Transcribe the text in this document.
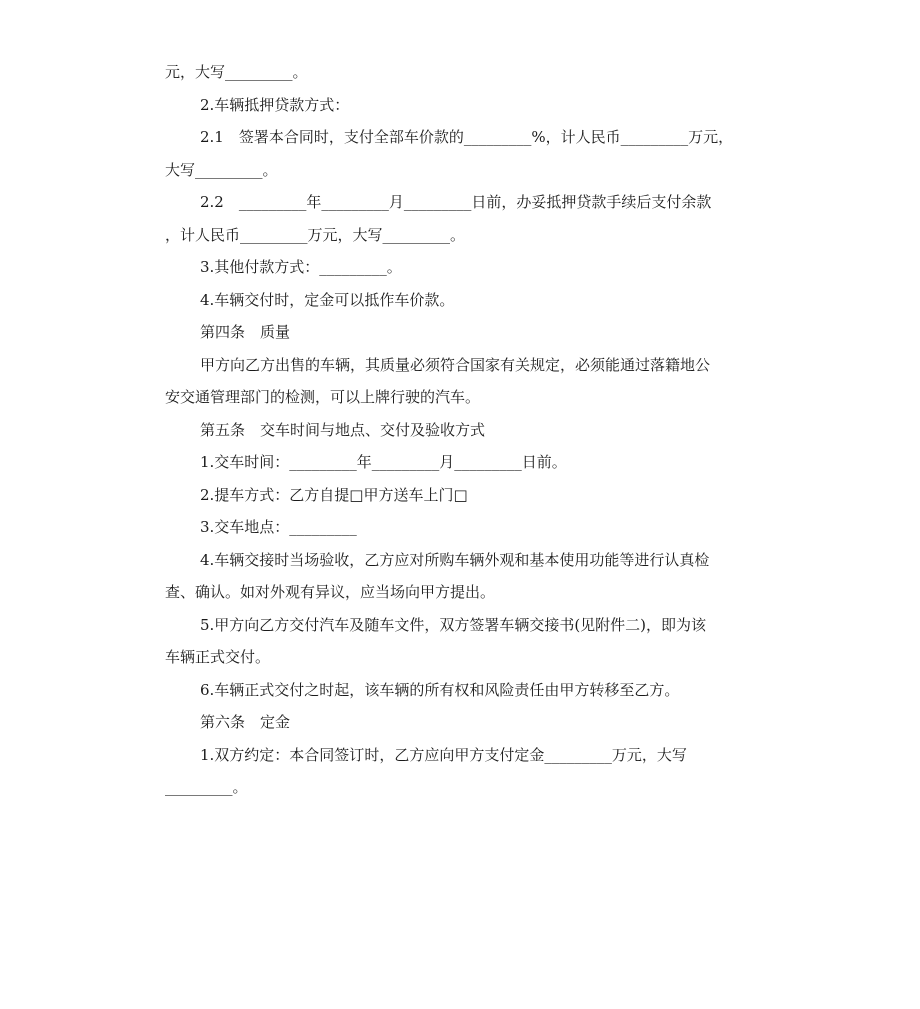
元，大写_________。
2.车辆抵押贷款方式：
2.1　签署本合同时，支付全部车价款的_________%，计人民币_________万元，
大写_________。
2.2　_________年_________月_________日前，办妥抵押贷款手续后支付余款
，计人民币_________万元，大写_________。
3.其他付款方式：_________。
4.车辆交付时，定金可以抵作车价款。
第四条　质量
甲方向乙方出售的车辆，其质量必须符合国家有关规定，必须能通过落籍地公
安交通管理部门的检测，可以上牌行驶的汽车。
第五条　交车时间与地点、交付及验收方式
1.交车时间：_________年_________月_________日前。
2.提车方式：乙方自提□甲方送车上门□
3.交车地点：_________
4.车辆交接时当场验收，乙方应对所购车辆外观和基本使用功能等进行认真检
查、确认。如对外观有异议，应当场向甲方提出。
5.甲方向乙方交付汽车及随车文件，双方签署车辆交接书(见附件二)，即为该
车辆正式交付。
6.车辆正式交付之时起，该车辆的所有权和风险责任由甲方转移至乙方。
第六条　定金
1.双方约定：本合同签订时，乙方应向甲方支付定金_________万元，大写
_________。
